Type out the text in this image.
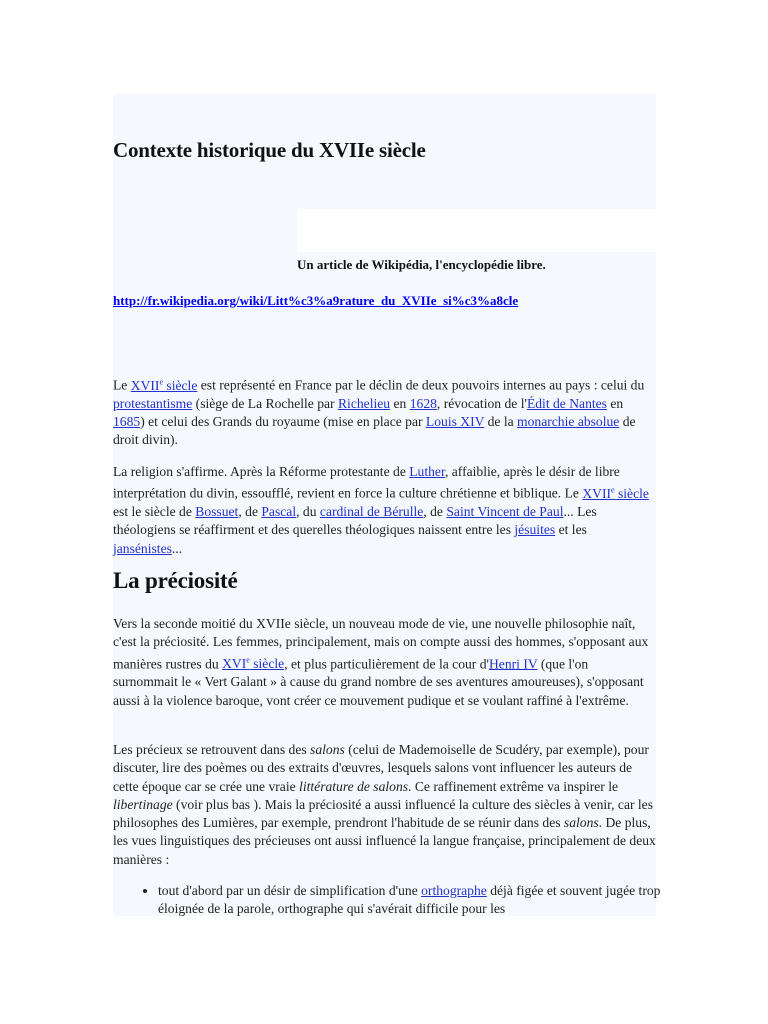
Contexte historique du XVIIe siècle

Un article de Wikipédia, l'encyclopédie libre.

http://fr.wikipedia.org/wiki/Litt%c3%a9rature_du_XVIIe_si%c3%a8cle

Le XVIIe siècle est représenté en France par le déclin de deux pouvoirs internes au pays : celui du protestantisme (siège de La Rochelle par Richelieu en 1628, révocation de l'Édit de Nantes en 1685) et celui des Grands du royaume (mise en place par Louis XIV de la monarchie absolue de droit divin).

La religion s'affirme. Après la Réforme protestante de Luther, affaiblie, après le désir de libre interprétation du divin, essoufflé, revient en force la culture chrétienne et biblique. Le XVIIe siècle est le siècle de Bossuet, de Pascal, du cardinal de Bérulle, de Saint Vincent de Paul... Les théologiens se réaffirment et des querelles théologiques naissent entre les jésuites et les jansénistes...

La préciosité

Vers la seconde moitié du XVIIe siècle, un nouveau mode de vie, une nouvelle philosophie naît, c'est la préciosité. Les femmes, principalement, mais on compte aussi des hommes, s'opposant aux manières rustres du XVIe siècle, et plus particulièrement de la cour d'Henri IV (que l'on surnommait le « Vert Galant » à cause du grand nombre de ses aventures amoureuses), s'opposant aussi à la violence baroque, vont créer ce mouvement pudique et se voulant raffiné à l'extrême.

Les précieux se retrouvent dans des salons (celui de Mademoiselle de Scudéry, par exemple), pour discuter, lire des poèmes ou des extraits d'œuvres, lesquels salons vont influencer les auteurs de cette époque car se crée une vraie littérature de salons. Ce raffinement extrême va inspirer le libertinage (voir plus bas ). Mais la préciosité a aussi influencé la culture des siècles à venir, car les philosophes des Lumières, par exemple, prendront l'habitude de se réunir dans des salons. De plus, les vues linguistiques des précieuses ont aussi influencé la langue française, principalement de deux manières :

• tout d'abord par un désir de simplification d'une orthographe déjà figée et souvent jugée trop éloignée de la parole, orthographe qui s'avérait difficile pour les
